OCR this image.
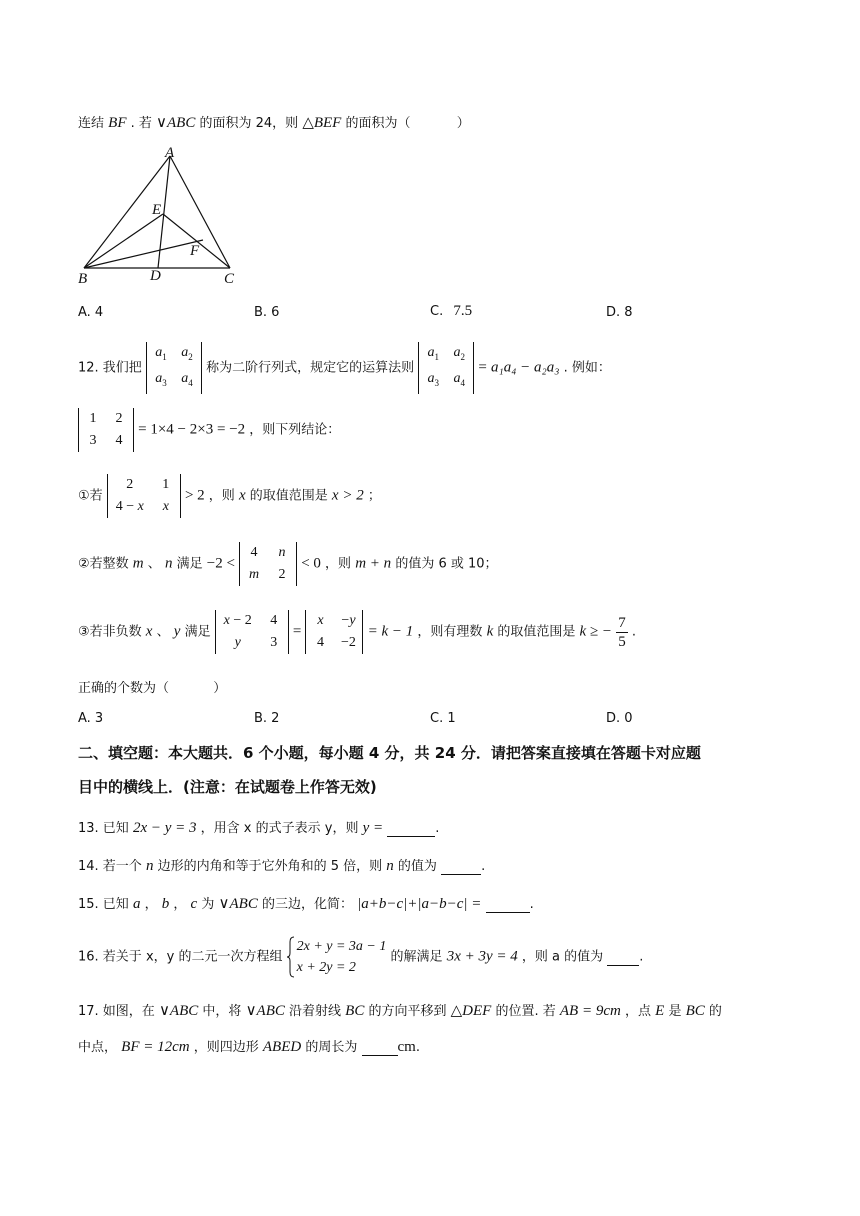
连结 BF . 若 ∨ABC 的面积为 24，则 △BEF 的面积为（	）
A
E
F
B	D	C
A. 4	B. 6	C. 7.5	D. 8
12. 我们把
$a_1$ $a_2$
$a_3$ $a_4$
称为二阶行列式，规定它的运算法则
$a_1$ $a_2$
$a_3$ $a_4$
= a₁a₄ − a₂a₃ . 例如：
1 2
3 4
= 1×4 − 2×3 = −2 ，则下列结论：
①若
2 1
4 − x x
> 2 ，则 x 的取值范围是 x > 2 ；
②若整数 m 、 n 满足 −2 <
4 n
m 2
< 0 ，则 m + n 的值为 6 或 10；
③若非负数 x 、 y 满足
x − 2 4
y 3
=
x −y
4 −2
= k − 1 ，则有理数 k 的取值范围是 k ≥ − $\frac{7}{5}$ .
正确的个数为（	）
A. 3	B. 2	C. 1	D. 0
二、填空题：本大题共．6 个小题，每小题 4 分，共 24 分．请把答案直接填在答题卡对应题
目中的横线上．(注意：在试题卷上作答无效)
13. 已知 2x − y = 3 ，用含 x 的式子表示 y，则 y =	.
14. 若一个 n 边形的内角和等于它外角和的 5 倍，则 n 的值为	.
15. 已知 a ， b ， c 为 ∨ABC 的三边，化简： |a+b−c|+|a−b−c| =	.
16. 若关于 x，y 的二元一次方程组
2x + y = 3a − 1
x + 2y = 2
的解满足 3x + 3y = 4 ，则 a 的值为	.
17. 如图，在 ∨ABC 中，将 ∨ABC 沿着射线 BC 的方向平移到 △DEF 的位置. 若 AB = 9cm ，点 E 是 BC 的
中点， BF = 12cm ，则四边形 ABED 的周长为	cm.
